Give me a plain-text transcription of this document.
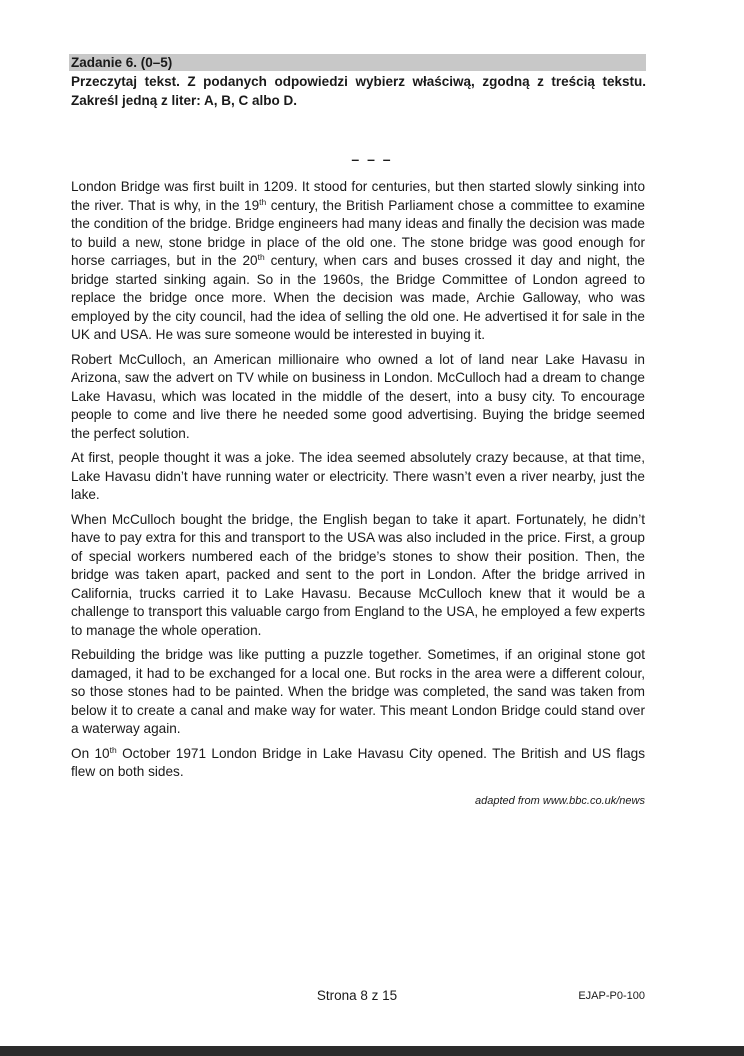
Zadanie 6. (0–5)
Przeczytaj tekst. Z podanych odpowiedzi wybierz właściwą, zgodną z treścią tekstu. Zakreśl jedną z liter: A, B, C albo D.
– – –

London Bridge was first built in 1209. It stood for centuries, but then started slowly sinking into the river. That is why, in the 19th century, the British Parliament chose a committee to examine the condition of the bridge. Bridge engineers had many ideas and finally the decision was made to build a new, stone bridge in place of the old one. The stone bridge was good enough for horse carriages, but in the 20th century, when cars and buses crossed it day and night, the bridge started sinking again. So in the 1960s, the Bridge Committee of London agreed to replace the bridge once more. When the decision was made, Archie Galloway, who was employed by the city council, had the idea of selling the old one. He advertised it for sale in the UK and USA. He was sure someone would be interested in buying it.

Robert McCulloch, an American millionaire who owned a lot of land near Lake Havasu in Arizona, saw the advert on TV while on business in London. McCulloch had a dream to change Lake Havasu, which was located in the middle of the desert, into a busy city. To encourage people to come and live there he needed some good advertising. Buying the bridge seemed the perfect solution.

At first, people thought it was a joke. The idea seemed absolutely crazy because, at that time, Lake Havasu didn’t have running water or electricity. There wasn’t even a river nearby, just the lake.

When McCulloch bought the bridge, the English began to take it apart. Fortunately, he didn’t have to pay extra for this and transport to the USA was also included in the price. First, a group of special workers numbered each of the bridge’s stones to show their position. Then, the bridge was taken apart, packed and sent to the port in London. After the bridge arrived in California, trucks carried it to Lake Havasu. Because McCulloch knew that it would be a challenge to transport this valuable cargo from England to the USA, he employed a few experts to manage the whole operation.

Rebuilding the bridge was like putting a puzzle together. Sometimes, if an original stone got damaged, it had to be exchanged for a local one. But rocks in the area were a different colour, so those stones had to be painted. When the bridge was completed, the sand was taken from below it to create a canal and make way for water. This meant London Bridge could stand over a waterway again.

On 10th October 1971 London Bridge in Lake Havasu City opened. The British and US flags flew on both sides.

adapted from www.bbc.co.uk/news
Strona 8 z 15	EJAP-P0-100
